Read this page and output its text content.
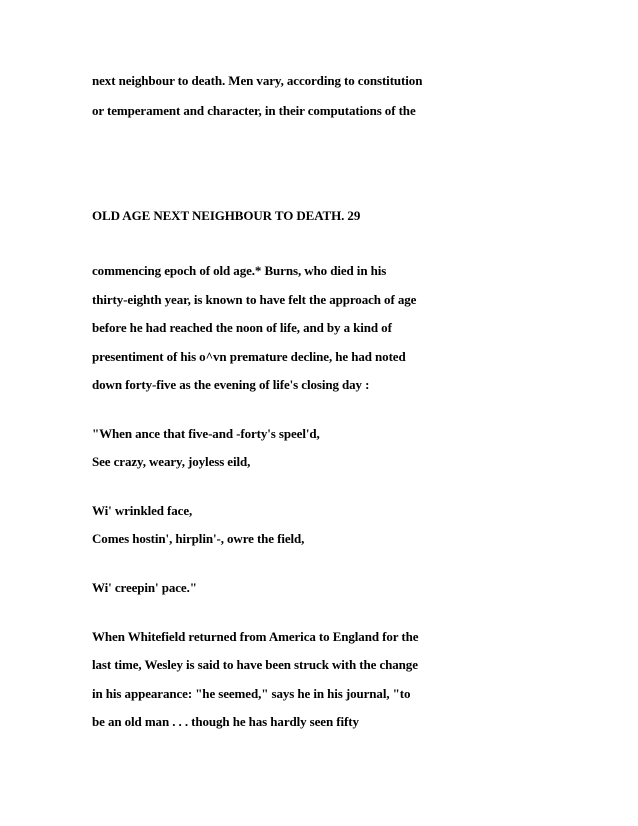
next neighbour to death. Men vary, according to constitution
or temperament and character, in their computations of the
OLD AGE NEXT NEIGHBOUR TO DEATH. 29
commencing epoch of old age.* Burns, who died in his
thirty-eighth year, is known to have felt the approach of age
before he had reached the noon of life, and by a kind of
presentiment of his o^vn premature decline, he had noted
down forty-five as the evening of life's closing day :
"When ance that five-and -forty's speel'd,
See crazy, weary, joyless eild,
Wi' wrinkled face,
Comes hostin', hirplin'-, owre the field,
Wi' creepin' pace."
When Whitefield returned from America to England for the
last time, Wesley is said to have been struck with the change
in his appearance: "he seemed," says he in his journal, "to
be an old man . . . though he has hardly seen fifty
